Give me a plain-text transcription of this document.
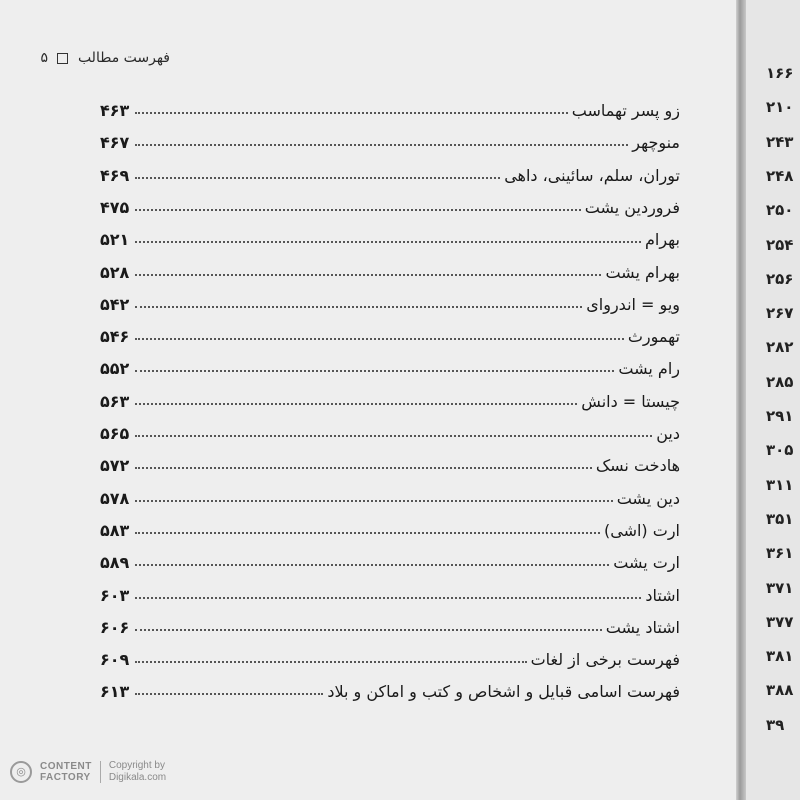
فهرست مطالب  ۵
زو پسر تهماسب
۴۶۳
منوچهر
۴۶۷
توران، سلم، سائینی، داهی
۴۶۹
فروردین یشت
۴۷۵
بهرام
۵۲۱
بهرام یشت
۵۲۸
ویو = اندروای
۵۴۲
تهمورث
۵۴۶
رام یشت
۵۵۲
چیستا = دانش
۵۶۳
دین
۵۶۵
هادخت نسک
۵۷۲
دین یشت
۵۷۸
ارت (اشی)
۵۸۳
ارت یشت
۵۸۹
اشتاد
۶۰۳
اشتاد یشت
۶۰۶
فهرست برخی از لغات
۶۰۹
فهرست اسامی قبایل و اشخاص و کتب و اماکن و بلاد
۶۱۳
۱۶۶
۲۱۰
۲۴۳
۲۴۸
۲۵۰
۲۵۴
۲۵۶
۲۶۷
۲۸۲
۲۸۵
۲۹۱
۳۰۵
۳۱۱
۳۵۱
۳۶۱
۳۷۱
۳۷۷
۳۸۱
۳۸۸
۳۹
◎	CONTENT
FACTORY
Copyright by
Digikala.com
